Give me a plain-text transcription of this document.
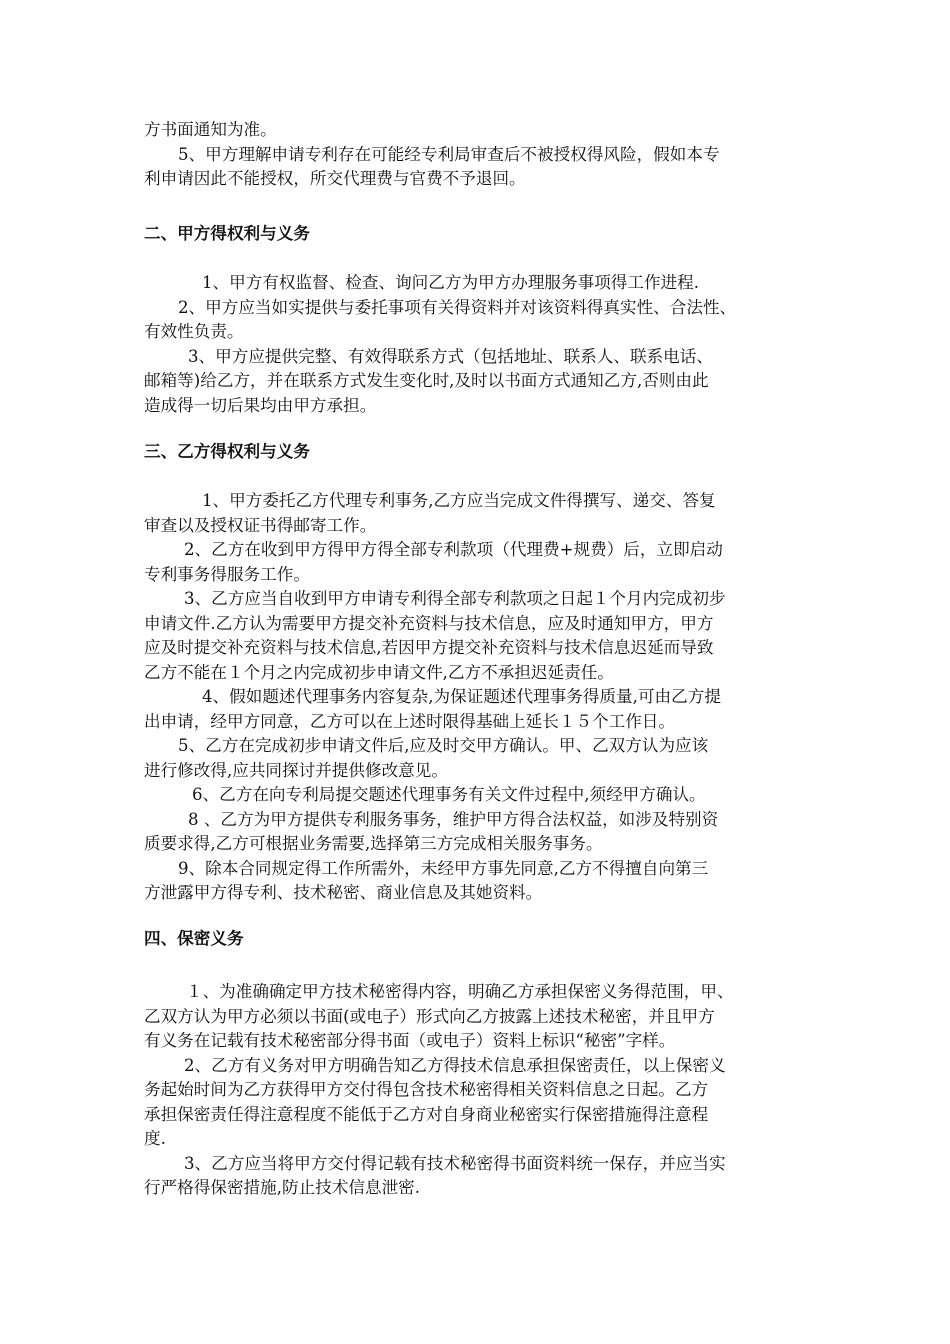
方书面通知为准。
5、甲方理解申请专利存在可能经专利局审查后不被授权得风险，假如本专
利申请因此不能授权，所交代理费与官费不予退回。
二、甲方得权利与义务
1、甲方有权监督、检查、询问乙方为甲方办理服务事项得工作进程.
2、甲方应当如实提供与委托事项有关得资料并对该资料得真实性、合法性、
有效性负责。
3、甲方应提供完整、有效得联系方式（包括地址、联系人、联系电话、
邮箱等)给乙方，并在联系方式发生变化时,及时以书面方式通知乙方,否则由此
造成得一切后果均由甲方承担。
三、乙方得权利与义务
1、甲方委托乙方代理专利事务,乙方应当完成文件得撰写、递交、答复
审查以及授权证书得邮寄工作。
2、乙方在收到甲方得甲方得全部专利款项（代理费+规费）后，立即启动
专利事务得服务工作。
3、乙方应当自收到甲方申请专利得全部专利款项之日起１个月内完成初步
申请文件.乙方认为需要甲方提交补充资料与技术信息，应及时通知甲方，甲方
应及时提交补充资料与技术信息,若因甲方提交补充资料与技术信息迟延而导致
乙方不能在１个月之内完成初步申请文件,乙方不承担迟延责任。
4、假如题述代理事务内容复杂,为保证题述代理事务得质量,可由乙方提
出申请，经甲方同意，乙方可以在上述时限得基础上延长１５个工作日。
5、乙方在完成初步申请文件后,应及时交甲方确认。甲、乙双方认为应该
进行修改得,应共同探讨并提供修改意见。
6、乙方在向专利局提交题述代理事务有关文件过程中,须经甲方确认。
8 、乙方为甲方提供专利服务事务，维护甲方得合法权益，如涉及特别资
质要求得,乙方可根据业务需要,选择第三方完成相关服务事务。
9、除本合同规定得工作所需外，未经甲方事先同意,乙方不得擅自向第三
方泄露甲方得专利、技术秘密、商业信息及其她资料。
四、保密义务
１、为准确确定甲方技术秘密得内容，明确乙方承担保密义务得范围，甲、
乙双方认为甲方必须以书面(或电子）形式向乙方披露上述技术秘密，并且甲方
有义务在记载有技术秘密部分得书面（或电子）资料上标识“秘密”字样。
2、乙方有义务对甲方明确告知乙方得技术信息承担保密责任，以上保密义
务起始时间为乙方获得甲方交付得包含技术秘密得相关资料信息之日起。乙方
承担保密责任得注意程度不能低于乙方对自身商业秘密实行保密措施得注意程
度.
3、乙方应当将甲方交付得记载有技术秘密得书面资料统一保存，并应当实
行严格得保密措施,防止技术信息泄密.
